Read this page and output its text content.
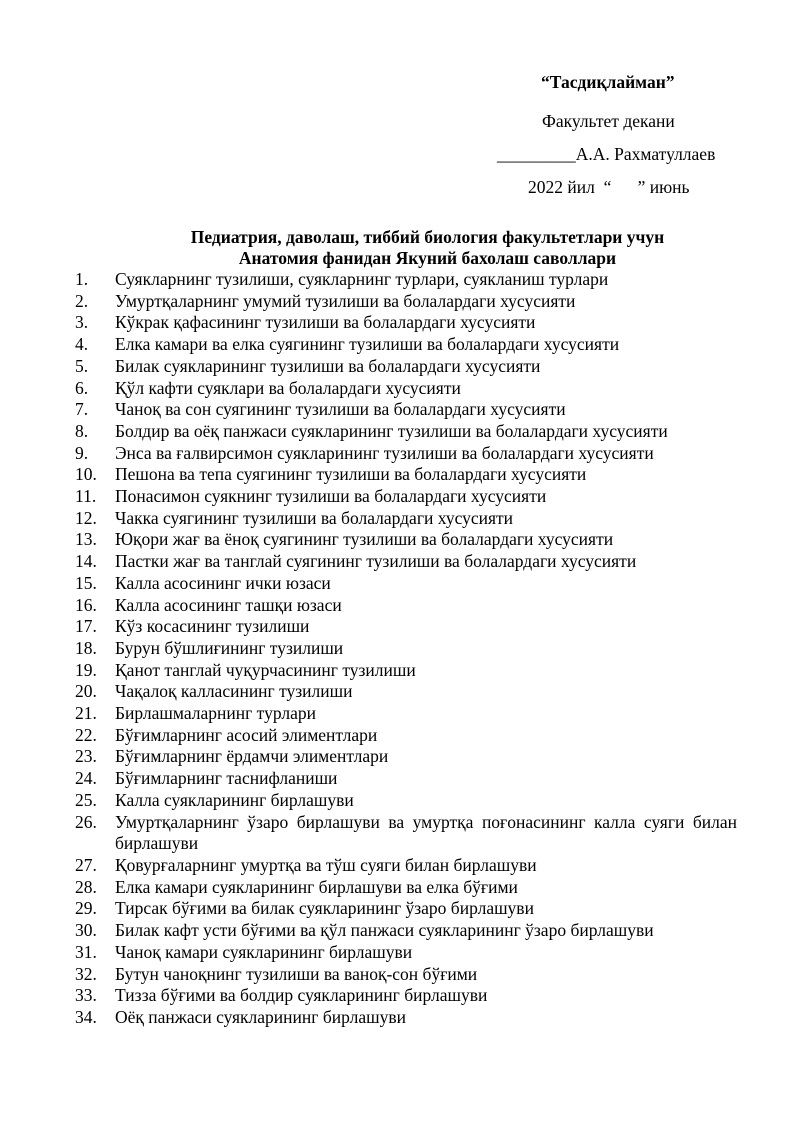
“Тасдиқлайман”
Факультет декани
_________А.А. Рахматуллаев
2022 йил  “      ” июнь
Педиатрия, даволаш, тиббий биология факультетлари учун
Анатомия фанидан Якуний бахолаш саволлари
1. Суякларнинг тузилиши, суякларнинг турлари, суякланиш турлари
2. Умуртқаларнинг умумий тузилиши ва болалардаги хусусияти
3. Кўкрак қафасининг тузилиши ва болалардаги хусусияти
4. Елка камари ва елка суягининг тузилиши ва болалардаги хусусияти
5. Билак суякларининг тузилиши ва болалардаги хусусияти
6. Қўл кафти суяклари ва болалардаги хусусияти
7. Чаноқ ва сон суягининг тузилиши ва болалардаги хусусияти
8. Болдир ва оёқ панжаси суякларининг тузилиши ва болалардаги хусусияти
9. Энса ва ғалвирсимон суякларининг тузилиши ва болалардаги хусусияти
10. Пешона ва тепа суягининг тузилиши ва болалардаги хусусияти
11. Понасимон суякнинг тузилиши ва болалардаги хусусияти
12. Чакка суягининг тузилиши ва болалардаги хусусияти
13. Юқори жағ ва ёноқ суягининг тузилиши ва болалардаги хусусияти
14. Пастки жағ ва танглай суягининг тузилиши ва болалардаги хусусияти
15. Калла асосининг ички юзаси
16. Калла асосининг ташқи юзаси
17. Кўз косасининг тузилиши
18. Бурун бўшлиғининг тузилиши
19. Қанот танглай чуқурчасининг тузилиши
20. Чақалоқ калласининг тузилиши
21. Бирлашмаларнинг турлари
22. Бўғимларнинг асосий элиментлари
23. Бўғимларнинг ёрдамчи элиментлари
24. Бўғимларнинг таснифланиши
25. Калла суякларининг бирлашуви
26. Умуртқаларнинг ўзаро бирлашуви ва умуртқа поғонасининг калла суяги билан бирлашуви
27. Қовурғаларнинг умуртқа ва тўш суяги билан бирлашуви
28. Елка камари суякларининг бирлашуви ва елка бўғими
29. Тирсак бўғими ва билак суякларининг ўзаро бирлашуви
30. Билак кафт усти бўғими ва қўл панжаси суякларининг ўзаро бирлашуви
31. Чаноқ камари суякларининг бирлашуви
32. Бутун чаноқнинг тузилиши ва ваноқ-сон бўғими
33. Тизза бўғими ва болдир суякларининг бирлашуви
34. Оёқ панжаси суякларининг бирлашуви
